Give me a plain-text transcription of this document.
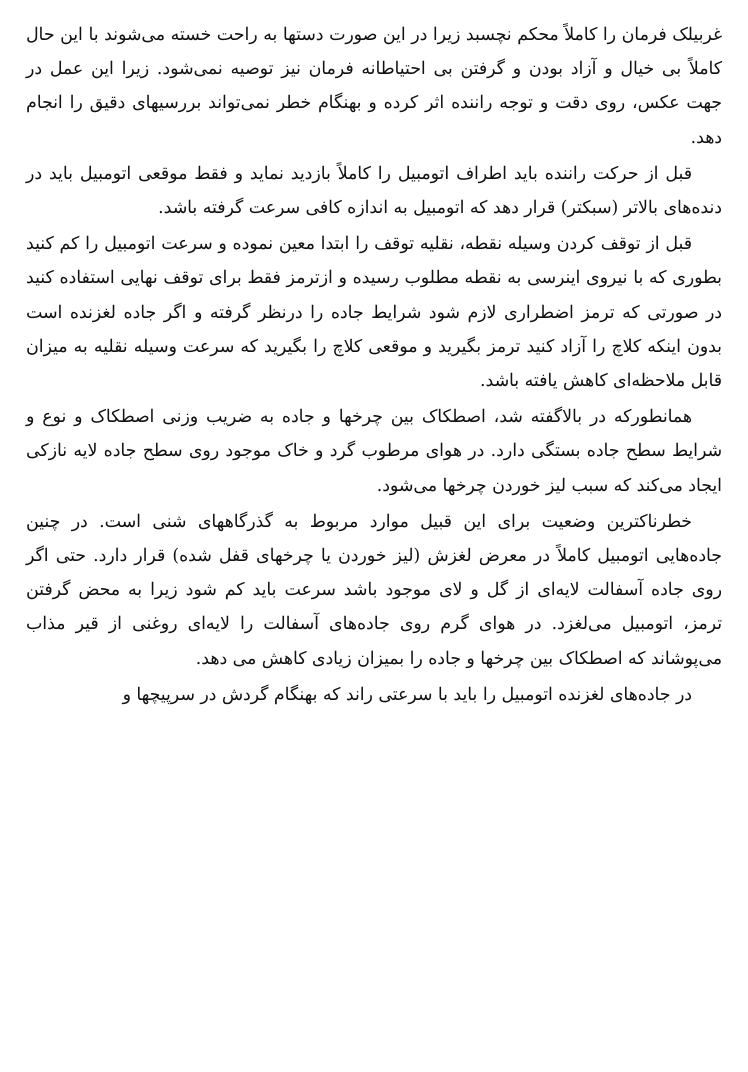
غربیلک فرمان را کاملاً محکم نچسبد زیرا در این صورت دستها به راحت خسته می‌شوند با این حال کاملاً بی خیال و آزاد بودن و گرفتن بی احتیاطانه فرمان نیز توصیه نمی‌شود. زیرا این عمل در جهت عکس، روی دقت و توجه راننده اثر کرده و بهنگام خطر نمی‌تواند بررسیهای دقیق را انجام دهد.

قبل از حرکت راننده باید اطراف اتومبیل را کاملاً بازدید نماید و فقط موقعی اتومبیل باید در دنده‌های بالاتر (سبکتر) قرار دهد که اتومبیل به اندازه کافی سرعت گرفته باشد.

قبل از توقف کردن وسیله نقطه، نقلیه توقف را ابتدا معین نموده و سرعت اتومبیل را کم کنید بطوری که با نیروی اینرسی به نقطه مطلوب رسیده و ازترمز فقط برای توقف نهایی استفاده کنید در صورتی که ترمز اضطراری لازم شود شرایط جاده را درنظر گرفته و اگر جاده لغزنده است بدون اینکه کلاچ را آزاد کنید ترمز بگیرید و موقعی کلاچ را بگیرید که سرعت وسیله نقلیه به میزان قابل ملاحظه‌ای کاهش یافته باشد.

همانطورکه در بالاگفته شد، اصطکاک بین چرخها و جاده به ضریب وزنی اصطکاک و نوع و شرایط سطح جاده بستگی دارد. در هوای مرطوب گرد و خاک موجود روی سطح جاده لایه نازکی ایجاد می‌کند که سبب لیز خوردن چرخها می‌شود.

خطرناکترین وضعیت برای این قبیل موارد مربوط به گذرگاههای شنی است. در چنین جاده‌هایی اتومبیل کاملاً در معرض لغزش (لیز خوردن یا چرخهای قفل شده) قرار دارد. حتی اگر روی جاده آسفالت لایه‌ای از گل و لای موجود باشد سرعت باید کم شود زیرا به محض گرفتن ترمز، اتومبیل می‌لغزد. در هوای گرم روی جاده‌های آسفالت را لایه‌ای روغنی از قیر مذاب می‌پوشاند که اصطکاک بین چرخها و جاده را بمیزان زیادی کاهش می دهد.

در جاده‌های لغزنده اتومبیل را باید با سرعتی راند که بهنگام گردش در سرپیچها و
